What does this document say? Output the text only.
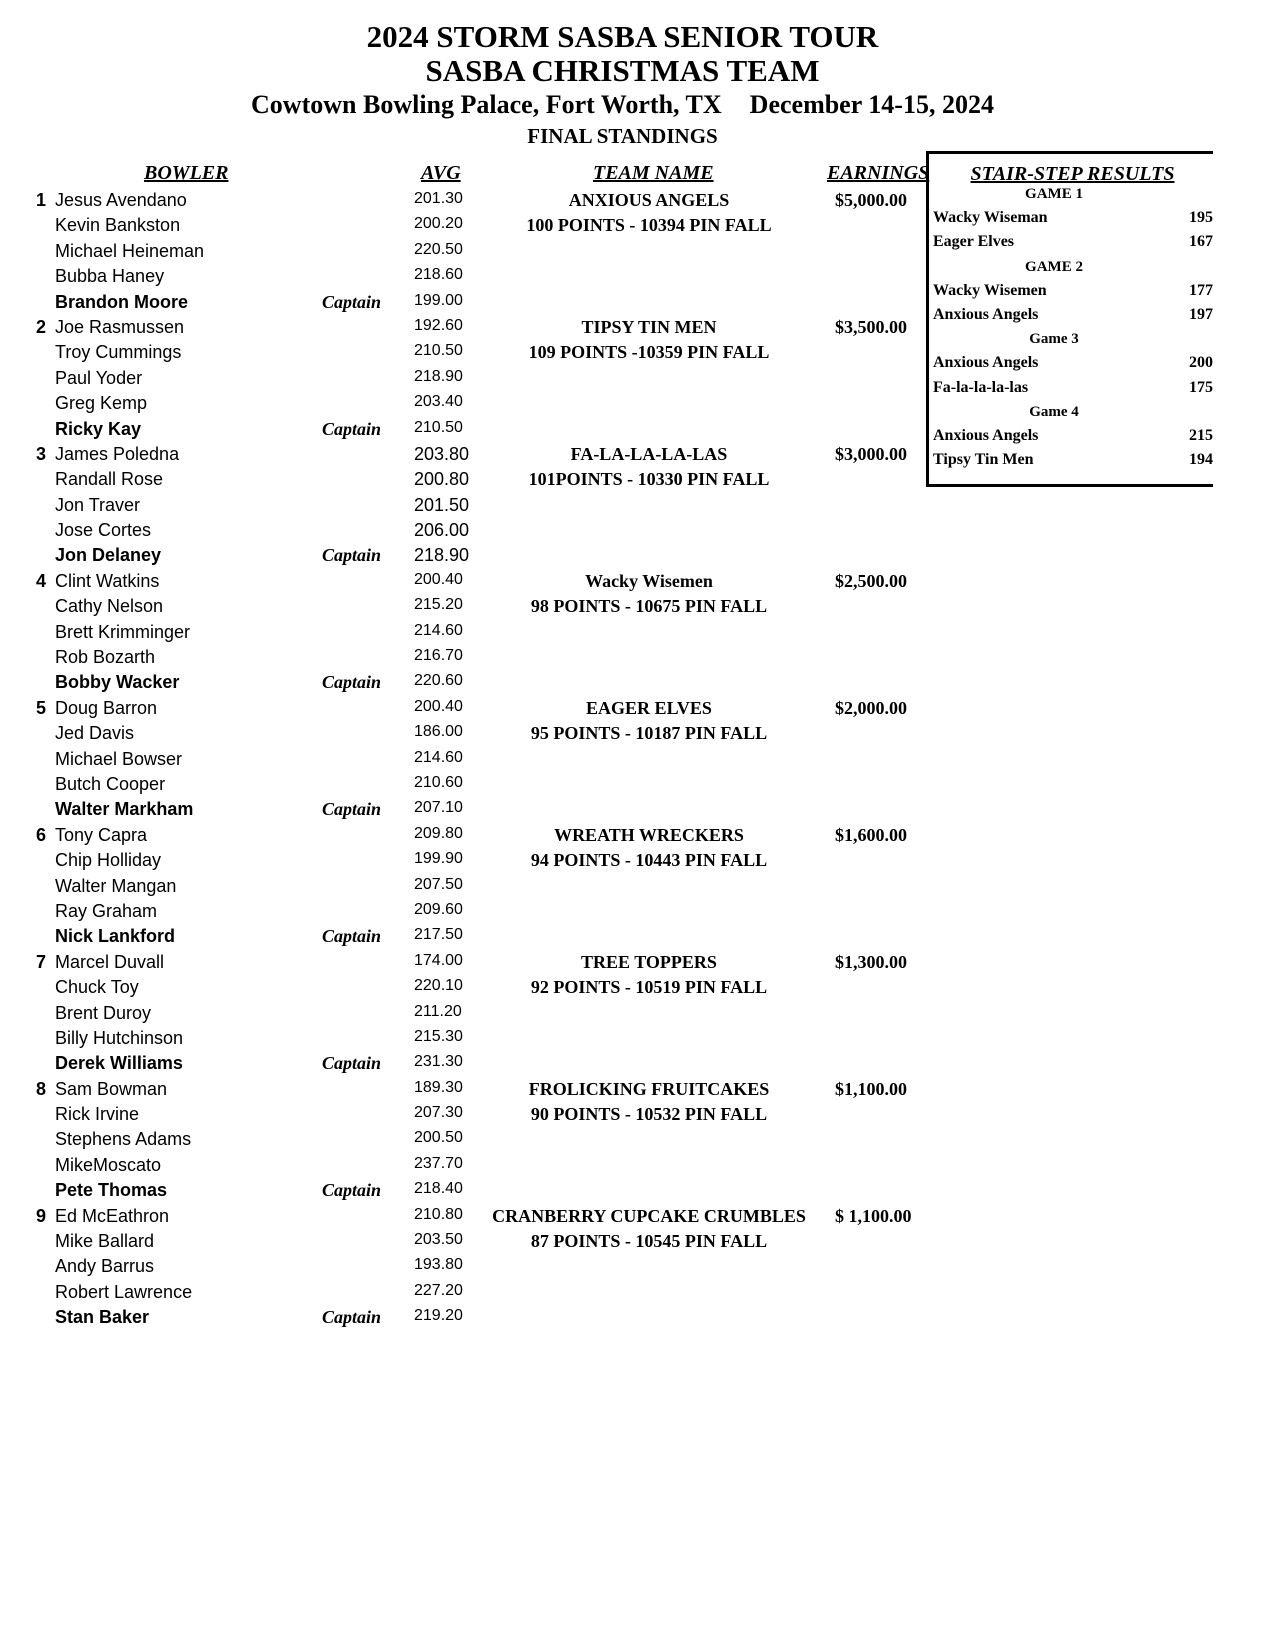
2024 STORM SASBA SENIOR TOUR
SASBA CHRISTMAS TEAM
Cowtown Bowling Palace, Fort Worth, TX December 14-15, 2024
FINAL STANDINGS
BOWLER	AVG	TEAM NAME	EARNINGS
1 Jesus Avendano	201.30	ANXIOUS ANGELS	$5,000.00
Kevin Bankston	200.20	100 POINTS - 10394 PIN FALL
Michael Heineman	220.50
Bubba Haney	218.60
Brandon Moore	Captain 199.00
2 Joe Rasmussen	192.60	TIPSY TIN MEN	$3,500.00
Troy Cummings	210.50	109 POINTS -10359 PIN FALL
Paul Yoder	218.90
Greg Kemp	203.40
Ricky Kay	Captain 210.50
3 James Poledna	203.80	FA-LA-LA-LA-LAS	$3,000.00
Randall Rose	200.80	101POINTS - 10330 PIN FALL
Jon Traver	201.50
Jose Cortes	206.00
Jon Delaney	Captain 218.90
4 Clint Watkins	200.40	Wacky Wisemen	$2,500.00
Cathy Nelson	215.20	98 POINTS - 10675 PIN FALL
Brett Krimminger	214.60
Rob Bozarth	216.70
Bobby Wacker	Captain 220.60
5 Doug Barron	200.40	EAGER ELVES	$2,000.00
Jed Davis	186.00	95 POINTS - 10187 PIN FALL
Michael Bowser	214.60
Butch Cooper	210.60
Walter Markham	Captain 207.10
6 Tony Capra	209.80	WREATH WRECKERS	$1,600.00
Chip Holliday	199.90	94 POINTS - 10443 PIN FALL
Walter Mangan	207.50
Ray Graham	209.60
Nick Lankford	Captain 217.50
7 Marcel Duvall	174.00	TREE TOPPERS	$1,300.00
Chuck Toy	220.10	92 POINTS - 10519 PIN FALL
Brent Duroy	211.20
Billy Hutchinson	215.30
Derek Williams	Captain 231.30
8 Sam Bowman	189.30	FROLICKING FRUITCAKES	$1,100.00
Rick Irvine	207.30	90 POINTS - 10532 PIN FALL
Stephens Adams	200.50
MikeMoscato	237.70
Pete Thomas	Captain 218.40
9 Ed McEathron	210.80	CRANBERRY CUPCAKE CRUMBLES	$ 1,100.00
Mike Ballard	203.50	87 POINTS - 10545 PIN FALL
Andy Barrus	193.80
Robert Lawrence	227.20
Stan Baker	Captain 219.20
STAIR-STEP RESULTS
GAME 1
Wacky Wiseman	195
Eager Elves	167
GAME 2
Wacky Wisemen	177
Anxious Angels	197
Game 3
Anxious Angels	200
Fa-la-la-la-las	175
Game 4
Anxious Angels	215
Tipsy Tin Men	194
